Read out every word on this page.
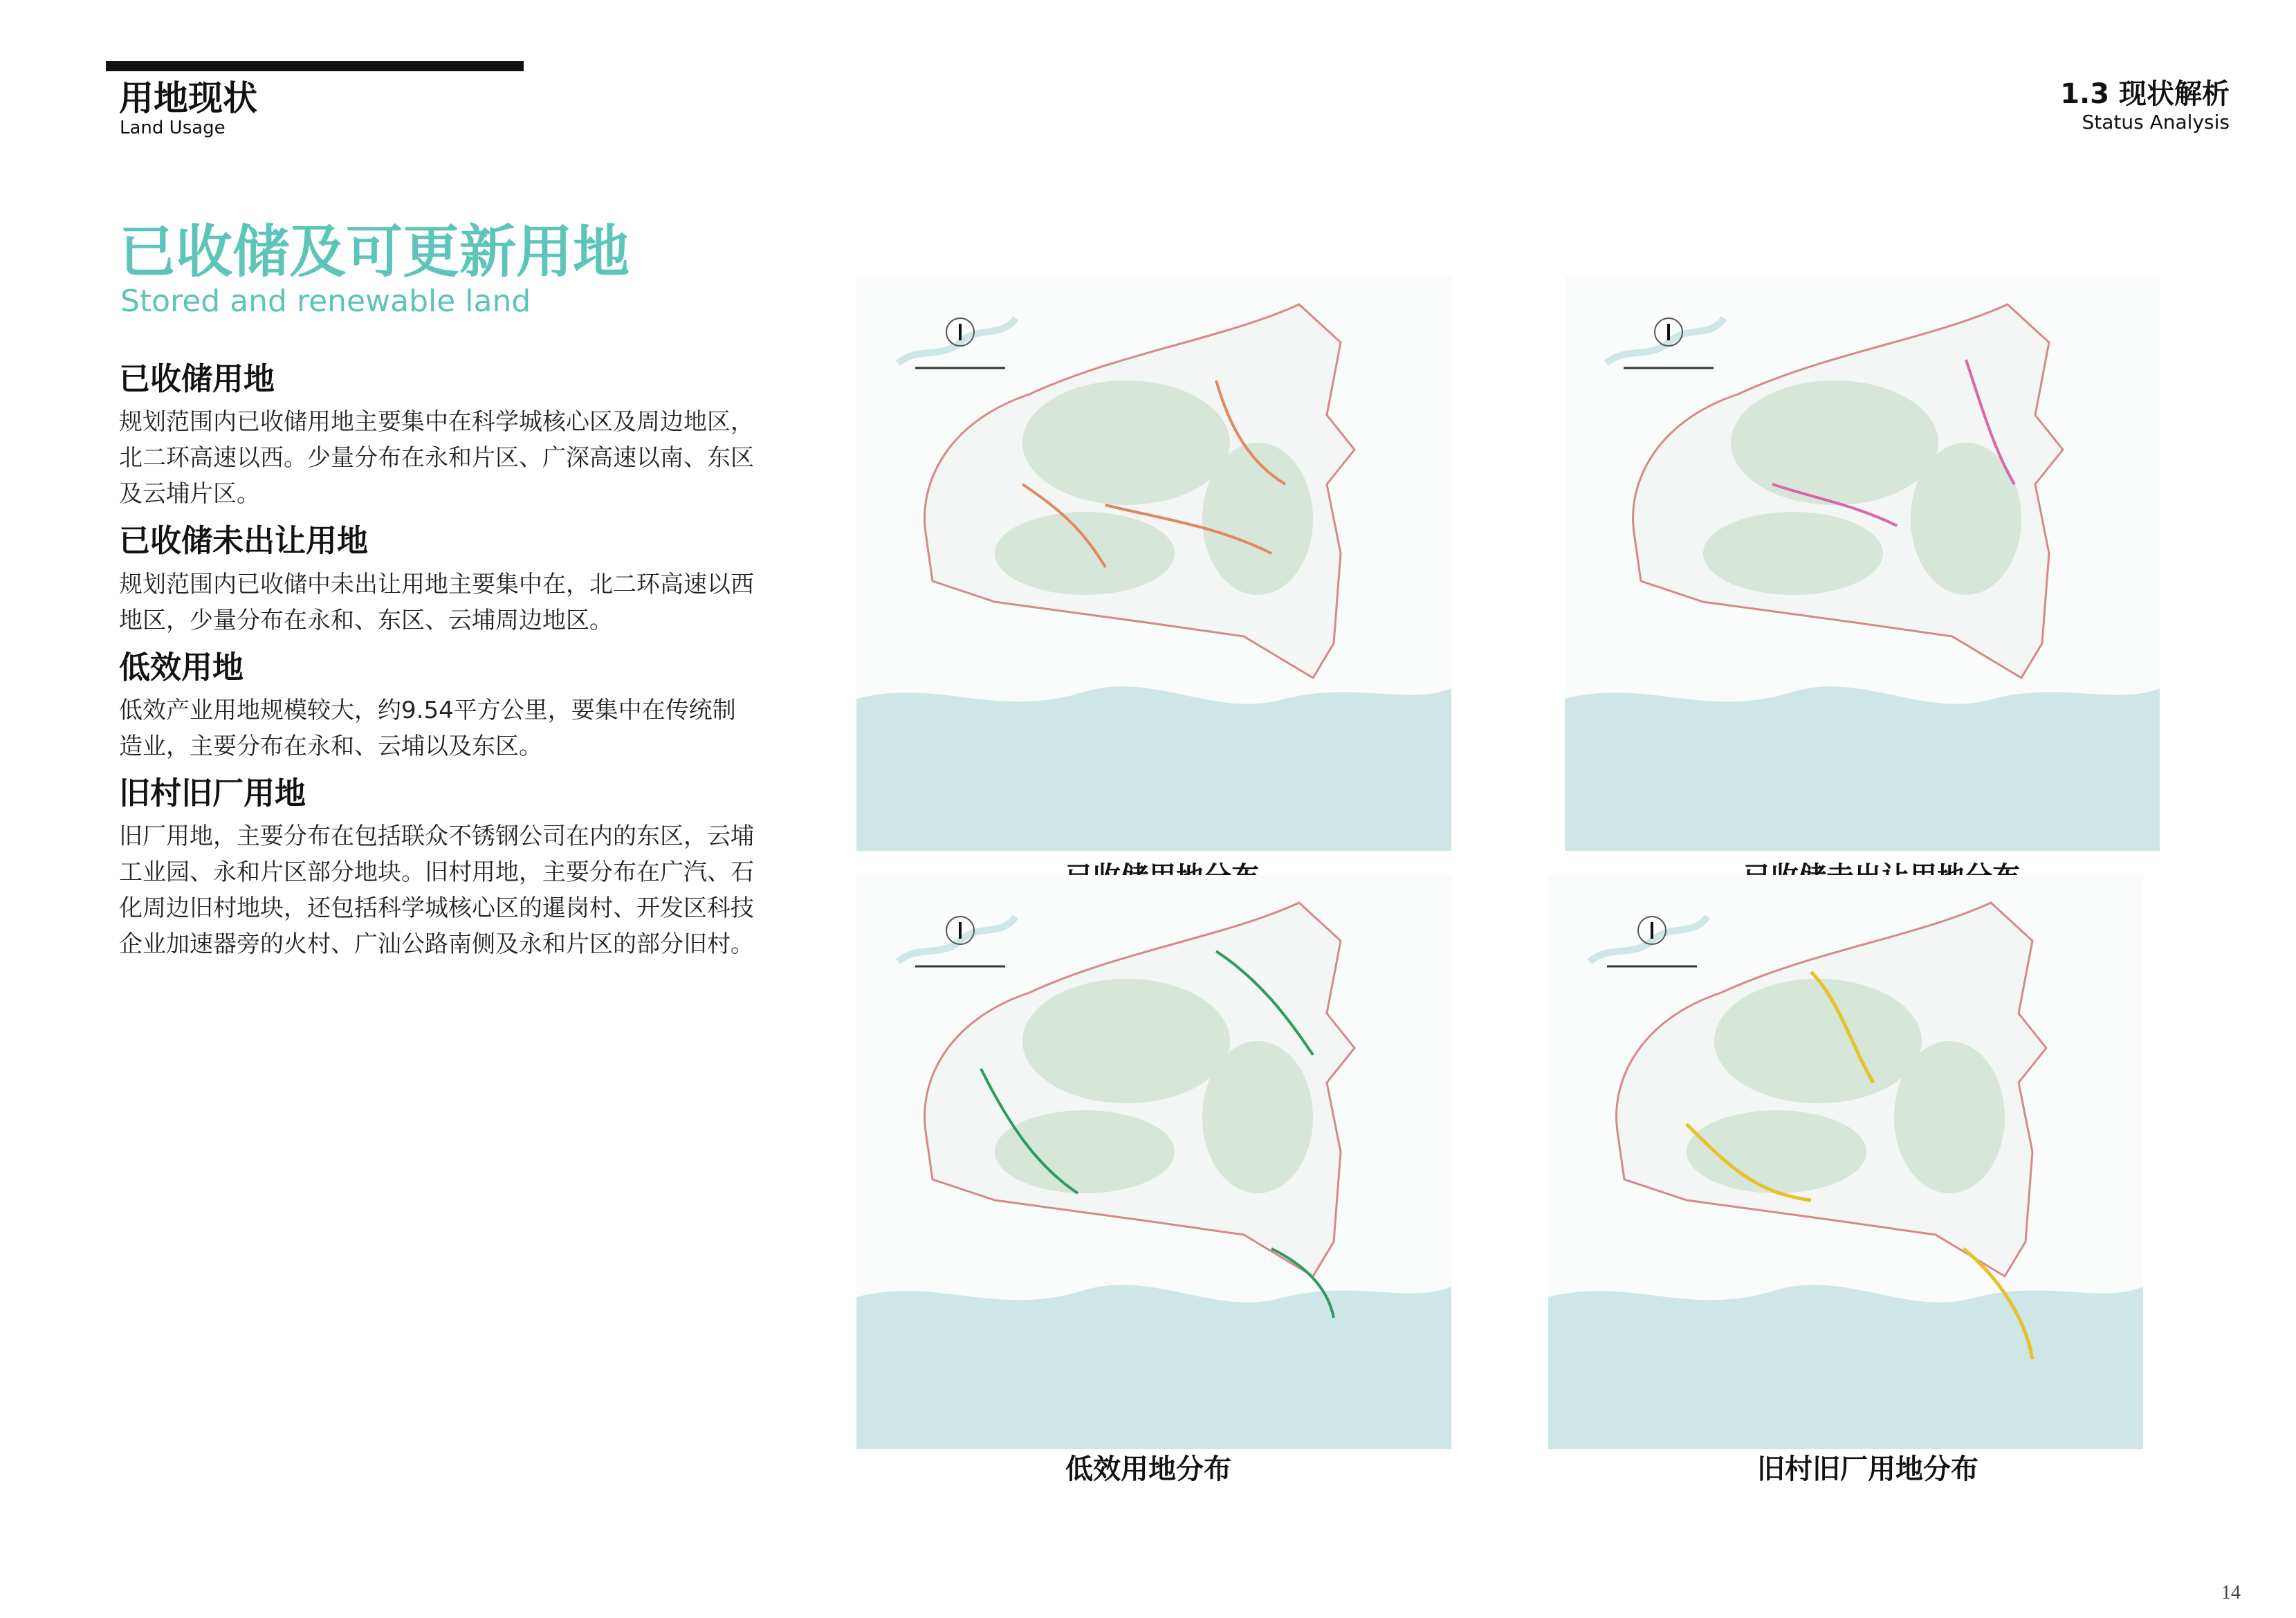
用地现状
Land Usage
1.3 现状解析
Status Analysis
已收储及可更新用地
Stored and renewable land
已收储用地

规划范围内已收储用地主要集中在科学城核心区及周边地区，北二环高速以西。少量分布在永和片区、广深高速以南、东区及云埔片区。

已收储未出让用地

规划范围内已收储中未出让用地主要集中在，北二环高速以西地区，少量分布在永和、东区、云埔周边地区。

低效用地

低效产业用地规模较大，约9.54平方公里，要集中在传统制造业，主要分布在永和、云埔以及东区。

旧村旧厂用地

旧厂用地，主要分布在包括联众不锈钢公司在内的东区，云埔工业园、永和片区部分地块。旧村用地，主要分布在广汽、石化周边旧村地块，还包括科学城核心区的暹岗村、开发区科技企业加速器旁的火村、广汕公路南侧及永和片区的部分旧村。

低效用地分布	旧村旧厂用地分布
14
